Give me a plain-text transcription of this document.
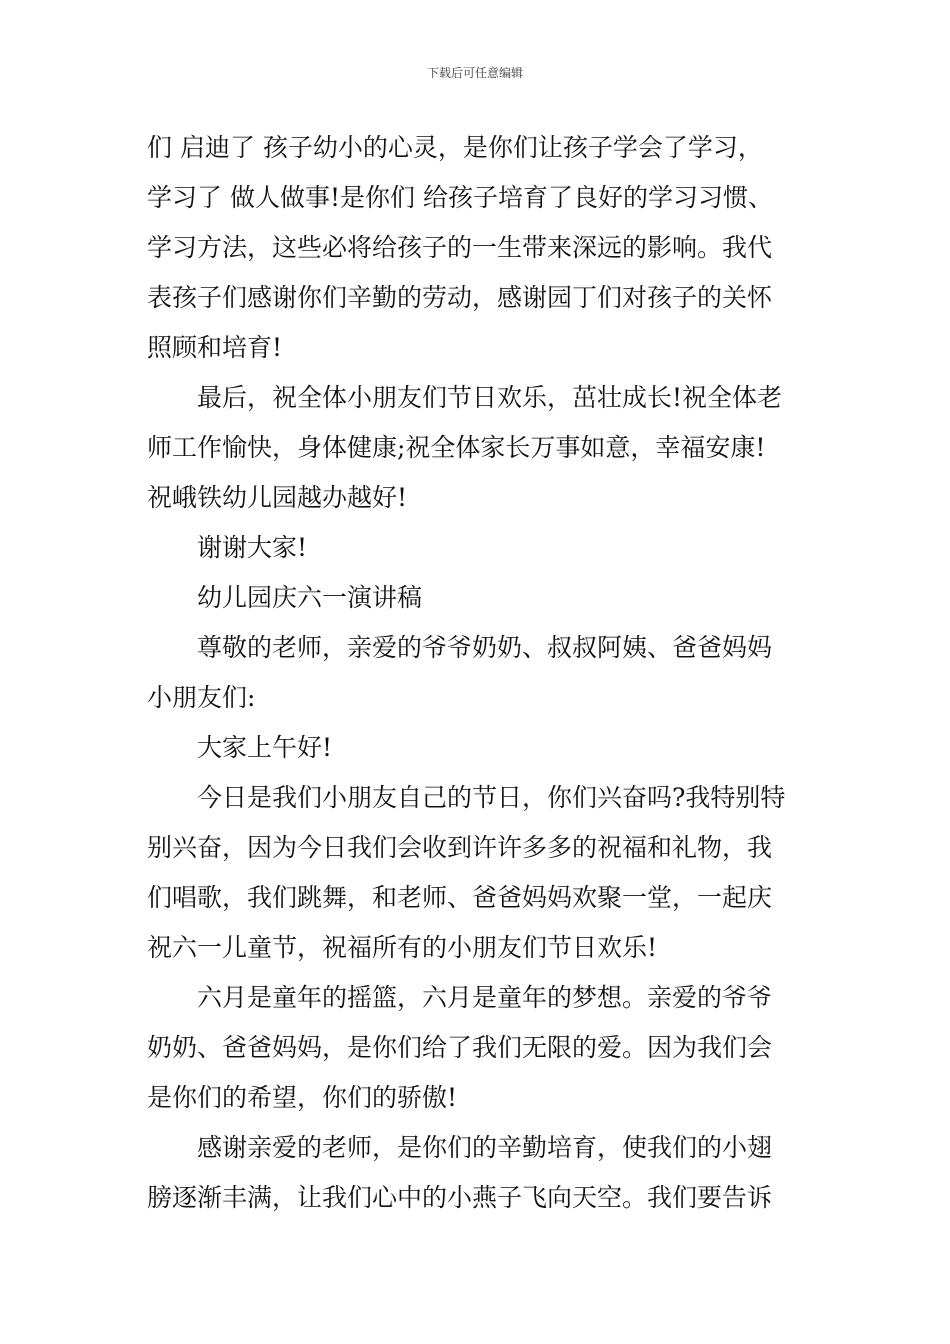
下载后可任意编辑
们 启迪了 孩子幼小的心灵，是你们让孩子学会了学习，
学习了 做人做事!是你们 给孩子培育了良好的学习习惯、
学习方法，这些必将给孩子的一生带来深远的影响。我代
表孩子们感谢你们辛勤的劳动，感谢园丁们对孩子的关怀
照顾和培育!
最后，祝全体小朋友们节日欢乐，茁壮成长!祝全体老
师工作愉快，身体健康;祝全体家长万事如意，幸福安康!
祝峨铁幼儿园越办越好!
谢谢大家!
幼儿园庆六一演讲稿
尊敬的老师，亲爱的爷爷奶奶、叔叔阿姨、爸爸妈妈
小朋友们:
大家上午好!
今日是我们小朋友自己的节日，你们兴奋吗?我特别特
别兴奋，因为今日我们会收到许许多多的祝福和礼物，我
们唱歌，我们跳舞，和老师、爸爸妈妈欢聚一堂，一起庆
祝六一儿童节，祝福所有的小朋友们节日欢乐!
六月是童年的摇篮，六月是童年的梦想。亲爱的爷爷
奶奶、爸爸妈妈，是你们给了我们无限的爱。因为我们会
是你们的希望，你们的骄傲!
感谢亲爱的老师，是你们的辛勤培育，使我们的小翅
膀逐渐丰满，让我们心中的小燕子飞向天空。我们要告诉
